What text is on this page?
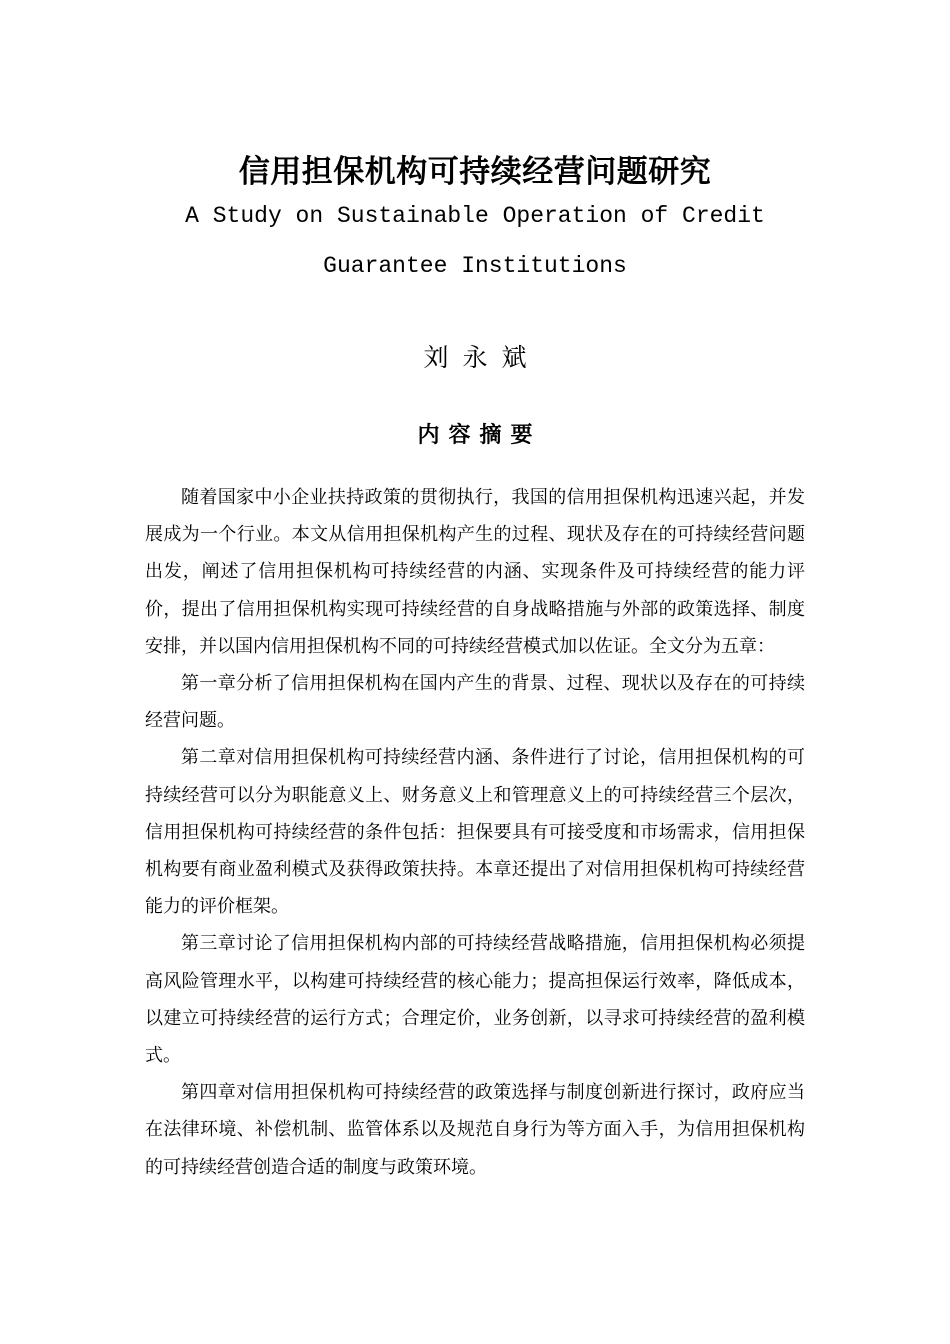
信用担保机构可持续经营问题研究
A Study on Sustainable Operation of Credit
Guarantee Institutions
刘永斌
内容摘要

随着国家中小企业扶持政策的贯彻执行，我国的信用担保机构迅速兴起，并发展成为一个行业。本文从信用担保机构产生的过程、现状及存在的可持续经营问题出发，阐述了信用担保机构可持续经营的内涵、实现条件及可持续经营的能力评价，提出了信用担保机构实现可持续经营的自身战略措施与外部的政策选择、制度安排，并以国内信用担保机构不同的可持续经营模式加以佐证。全文分为五章：

第一章分析了信用担保机构在国内产生的背景、过程、现状以及存在的可持续经营问题。

第二章对信用担保机构可持续经营内涵、条件进行了讨论，信用担保机构的可持续经营可以分为职能意义上、财务意义上和管理意义上的可持续经营三个层次，信用担保机构可持续经营的条件包括：担保要具有可接受度和市场需求，信用担保机构要有商业盈利模式及获得政策扶持。本章还提出了对信用担保机构可持续经营能力的评价框架。

第三章讨论了信用担保机构内部的可持续经营战略措施，信用担保机构必须提高风险管理水平，以构建可持续经营的核心能力；提高担保运行效率，降低成本，以建立可持续经营的运行方式；合理定价，业务创新，以寻求可持续经营的盈利模式。

第四章对信用担保机构可持续经营的政策选择与制度创新进行探讨，政府应当在法律环境、补偿机制、监管体系以及规范自身行为等方面入手，为信用担保机构的可持续经营创造合适的制度与政策环境。
